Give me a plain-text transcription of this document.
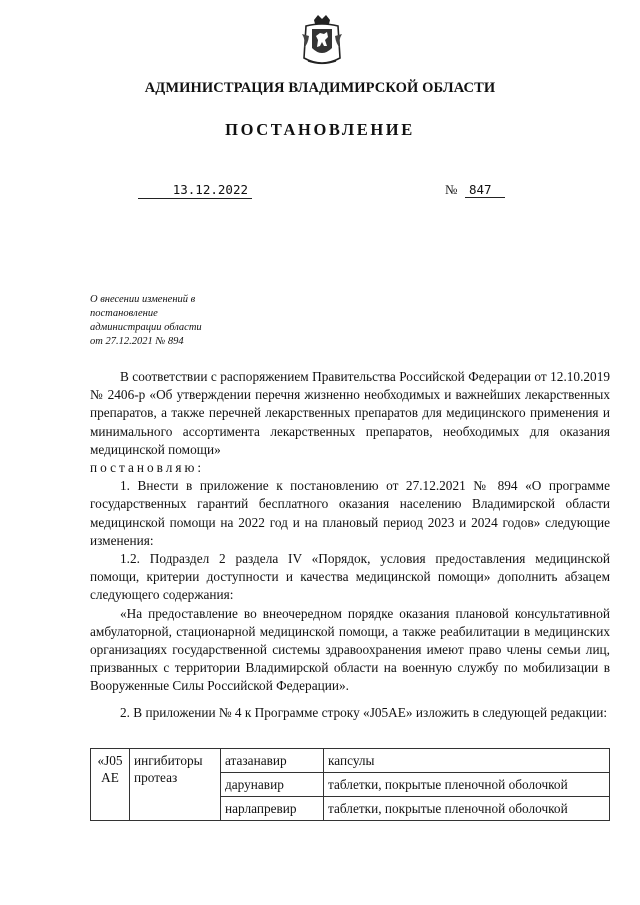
АДМИНИСТРАЦИЯ ВЛАДИМИРСКОЙ ОБЛАСТИ
ПОСТАНОВЛЕНИЕ
13.12.2022	№ 847
О внесении изменений в
постановление
администрации области
от 27.12.2021 № 894

В соответствии с распоряжением Правительства Российской Федерации от 12.10.2019 № 2406-р «Об утверждении перечня жизненно необходимых и важнейших лекарственных препаратов, а также перечней лекарственных препаратов для медицинского применения и минимального ассортимента лекарственных препаратов, необходимых для оказания медицинской помощи»

постановляю:

1. Внести в приложение к постановлению от 27.12.2021 № 894 «О программе государственных гарантий бесплатного оказания населению Владимирской области медицинской помощи на 2022 год и на плановый период 2023 и 2024 годов» следующие изменения:

1.2. Подраздел 2 раздела IV «Порядок, условия предоставления медицинской помощи, критерии доступности и качества медицинской помощи» дополнить абзацем следующего содержания:

«На предоставление во внеочередном порядке оказания плановой консультативной амбулаторной, стационарной медицинской помощи, а также реабилитации в медицинских организациях государственной системы здравоохранения имеют право члены семьи лиц, призванных с территории Владимирской области на военную службу по мобилизации в Вооруженные Силы Российской Федерации».

2. В приложении № 4 к Программе строку «J05AE» изложить в следующей редакции:

«J05 AE	ингибиторы протеаз	атазанавир	капсулы
		дарунавир	таблетки, покрытые пленочной оболочкой
		нарлапревир	таблетки, покрытые пленочной оболочкой
